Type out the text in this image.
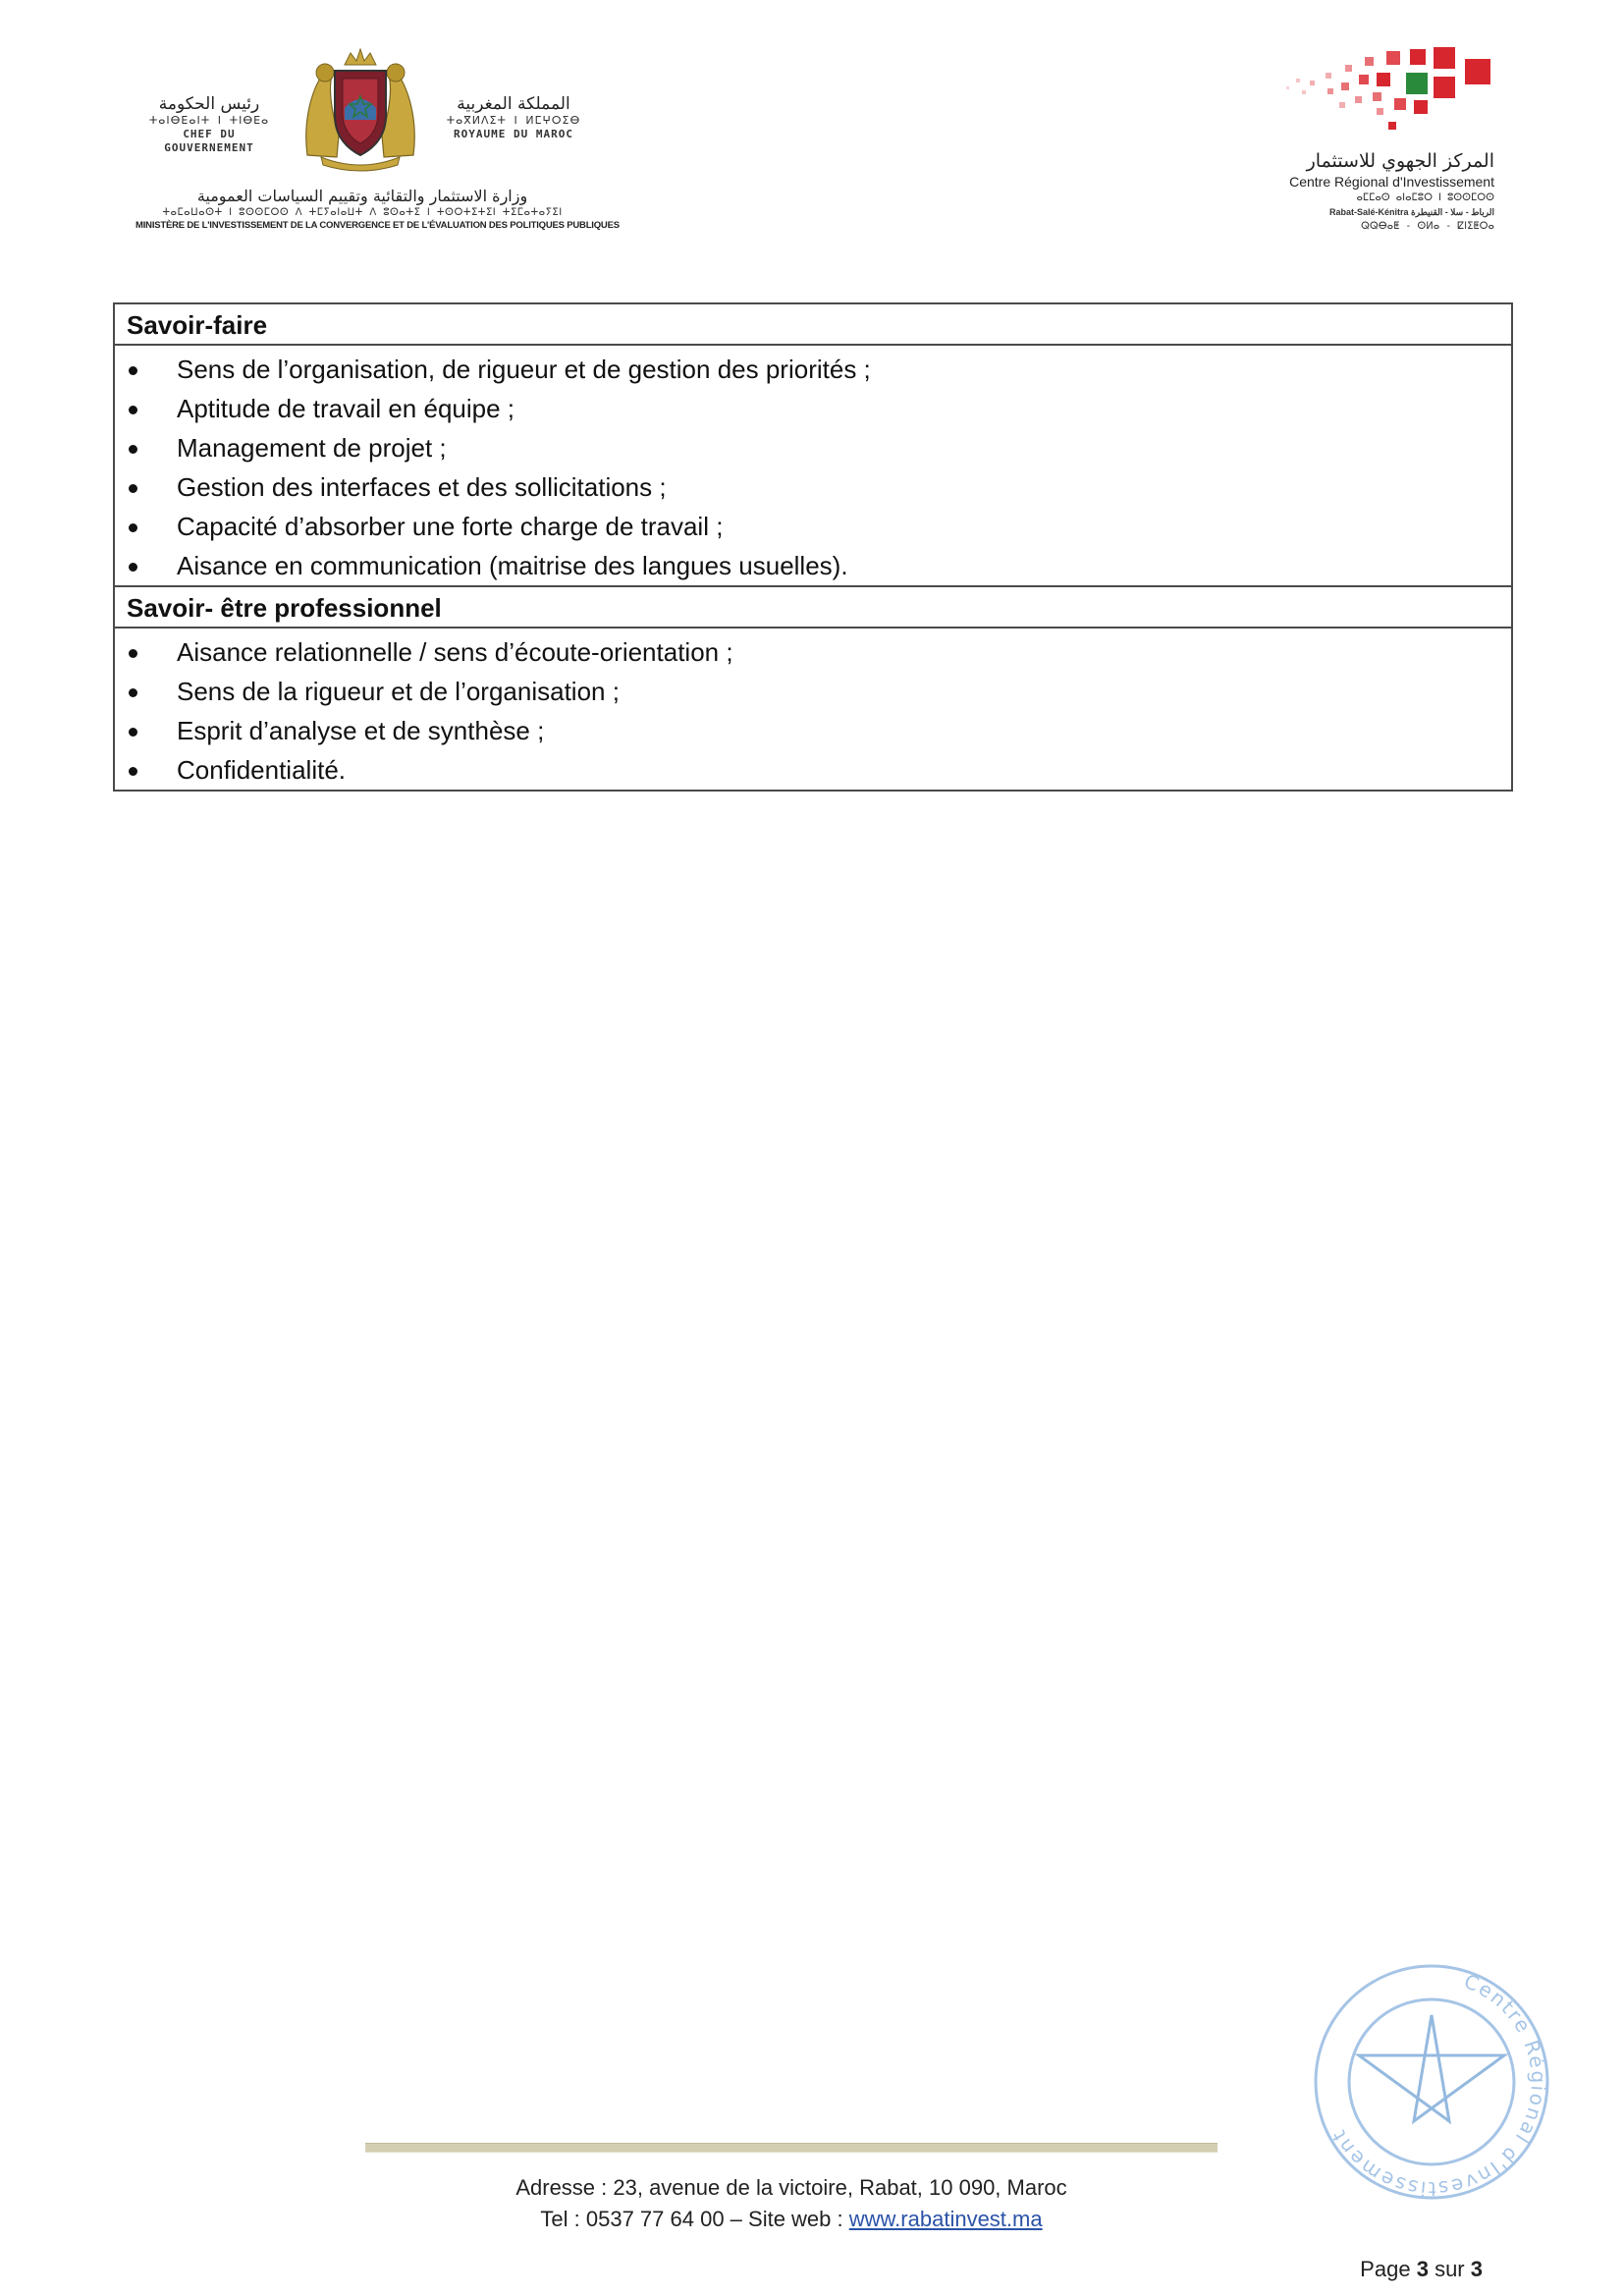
رئيس الحكومة
ⵜⴰⵏⴱⴹⴰⵏⵜ ⵏ ⵜⵏⴱⴹⴰ
CHEF DU GOUVERNEMENT
المملكة المغربية
ⵜⴰⴳⵍⴷⵉⵜ ⵏ ⵍⵎⵖⵔⵉⴱ
ROYAUME DU MAROC
وزارة الاستثمار والتقائية وتقييم السياسات العمومية
ⵜⴰⵎⴰⵡⴰⵙⵜ ⵏ ⵓⵙⵙⵎⵔⵙ ⴷ ⵜⵎⵢⴰⵏⴰⵡⵜ ⴷ ⵓⵙⴰⵜⵉ ⵏ ⵜⵙⵔⵜⵉⵜⵉⵏ ⵜⵉⵎⴰⵜⴰⵢⵉⵏ
MINISTÈRE DE L'INVESTISSEMENT DE LA CONVERGENCE ET DE L'ÉVALUATION DES POLITIQUES PUBLIQUES
المركز الجهوي للاستثمار
Centre Régional d'Investissement
ⴰⵎⵎⴰⵙ ⴰⵏⴰⵎⵓⵔ ⵏ ⵓⵙⵙⵎⵔⵙ
Rabat-Salé-Kénitra الرباط - سلا - القنيطرة
ⵕⵕⴱⴰⵟ - ⵙⵍⴰ - ⵇⵏⵉⵟⵔⴰ
Savoir-faire
Sens de l’organisation, de rigueur et de gestion des priorités ;
Aptitude de travail en équipe ;
Management de projet ;
Gestion des interfaces et des sollicitations ;
Capacité d’absorber une forte charge de travail ;
Aisance en communication (maitrise des langues usuelles).
Savoir- être professionnel
Aisance relationnelle / sens d’écoute-orientation ;
Sens de la rigueur et de l’organisation ;
Esprit d’analyse et de synthèse ;
Confidentialité.
Centre Régional d'Investissement
Adresse : 23, avenue de la victoire, Rabat, 10 090, Maroc
Tel : 0537 77 64 00 – Site web : www.rabatinvest.ma
Page 3 sur 3
